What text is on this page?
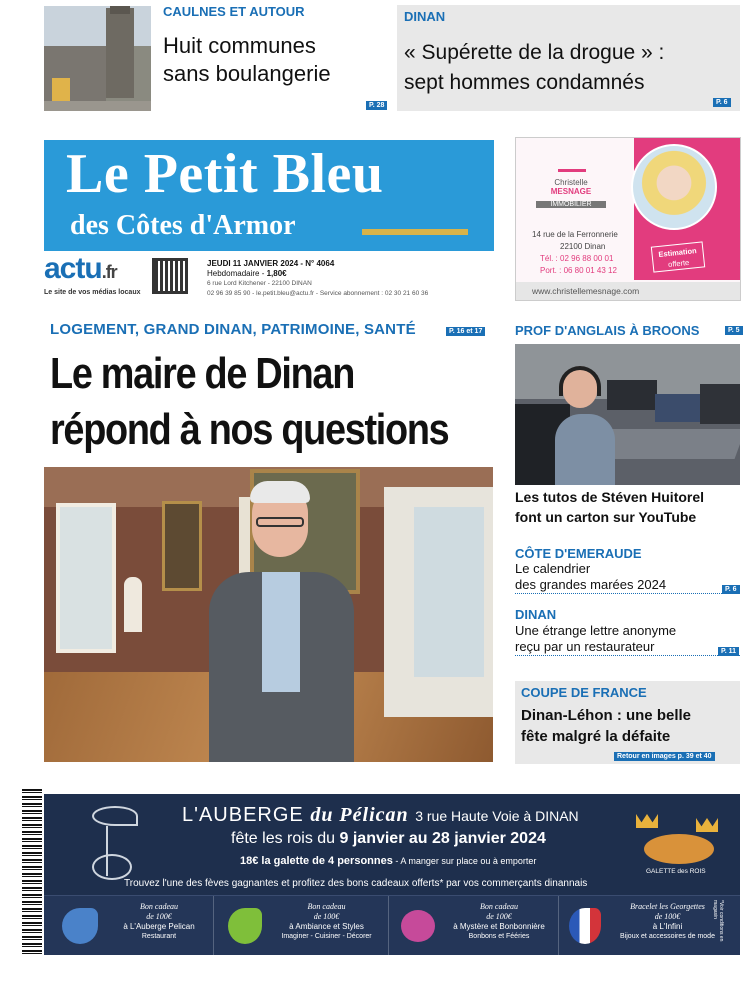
CAULNES ET AUTOUR
Huit communes
sans boulangerie
P. 28
DINAN
« Supérette de la drogue » :
sept hommes condamnés
P. 6
Le Petit Bleu
des Côtes d'Armor
actu.fr
Le site de vos médias locaux
JEUDI 11 JANVIER 2024 - N° 4064
Hebdomadaire - 1,80€
6 rue Lord Kitchener - 22100 DINAN
02 96 39 85 90 - le.petit.bleu@actu.fr - Service abonnement : 02 30 21 60 36
Christelle
MESNAGE
IMMOBILIER
14 rue de la Ferronnerie
22100 Dinan
Tél. : 02 96 88 00 01
Port. : 06 80 01 43 12
Estimation
offerte
www.christellemesnage.com
LOGEMENT, GRAND DINAN, PATRIMOINE, SANTÉ	P. 16 et 17
Le maire de Dinan
répond à nos questions
PROF D'ANGLAIS À BROONS	P. 5
Les tutos de Stéven Huitorel
font un carton sur YouTube
CÔTE D'EMERAUDE
Le calendrier
des grandes marées 2024	P. 6
DINAN
Une étrange lettre anonyme
reçu par un restaurateur	P. 11
COUPE DE FRANCE
Dinan-Léhon : une belle
fête malgré la défaite
Retour en images p. 39 et 40
L'AUBERGE du Pélican 3 rue Haute Voie à DINAN
fête les rois du 9 janvier au 28 janvier 2024
18€ la galette de 4 personnes - A manger sur place ou à emporter
GALETTE des ROIS
Trouvez l'une des fèves gagnantes et profitez des bons cadeaux offerts* par vos commerçants dinannais
Bon cadeau
de 100€
à L'Auberge Pelican
Restaurant
Bon cadeau
de 100€
à Ambiance et Styles
Imaginer - Cuisiner - Décorer
Bon cadeau
de 100€
à Mystère et Bonbonnière
Bonbons et Fééries
Bracelet les Georgettes
de 100€
à L'Infini
Bijoux et accessoires de mode *Voir conditions en magasin
